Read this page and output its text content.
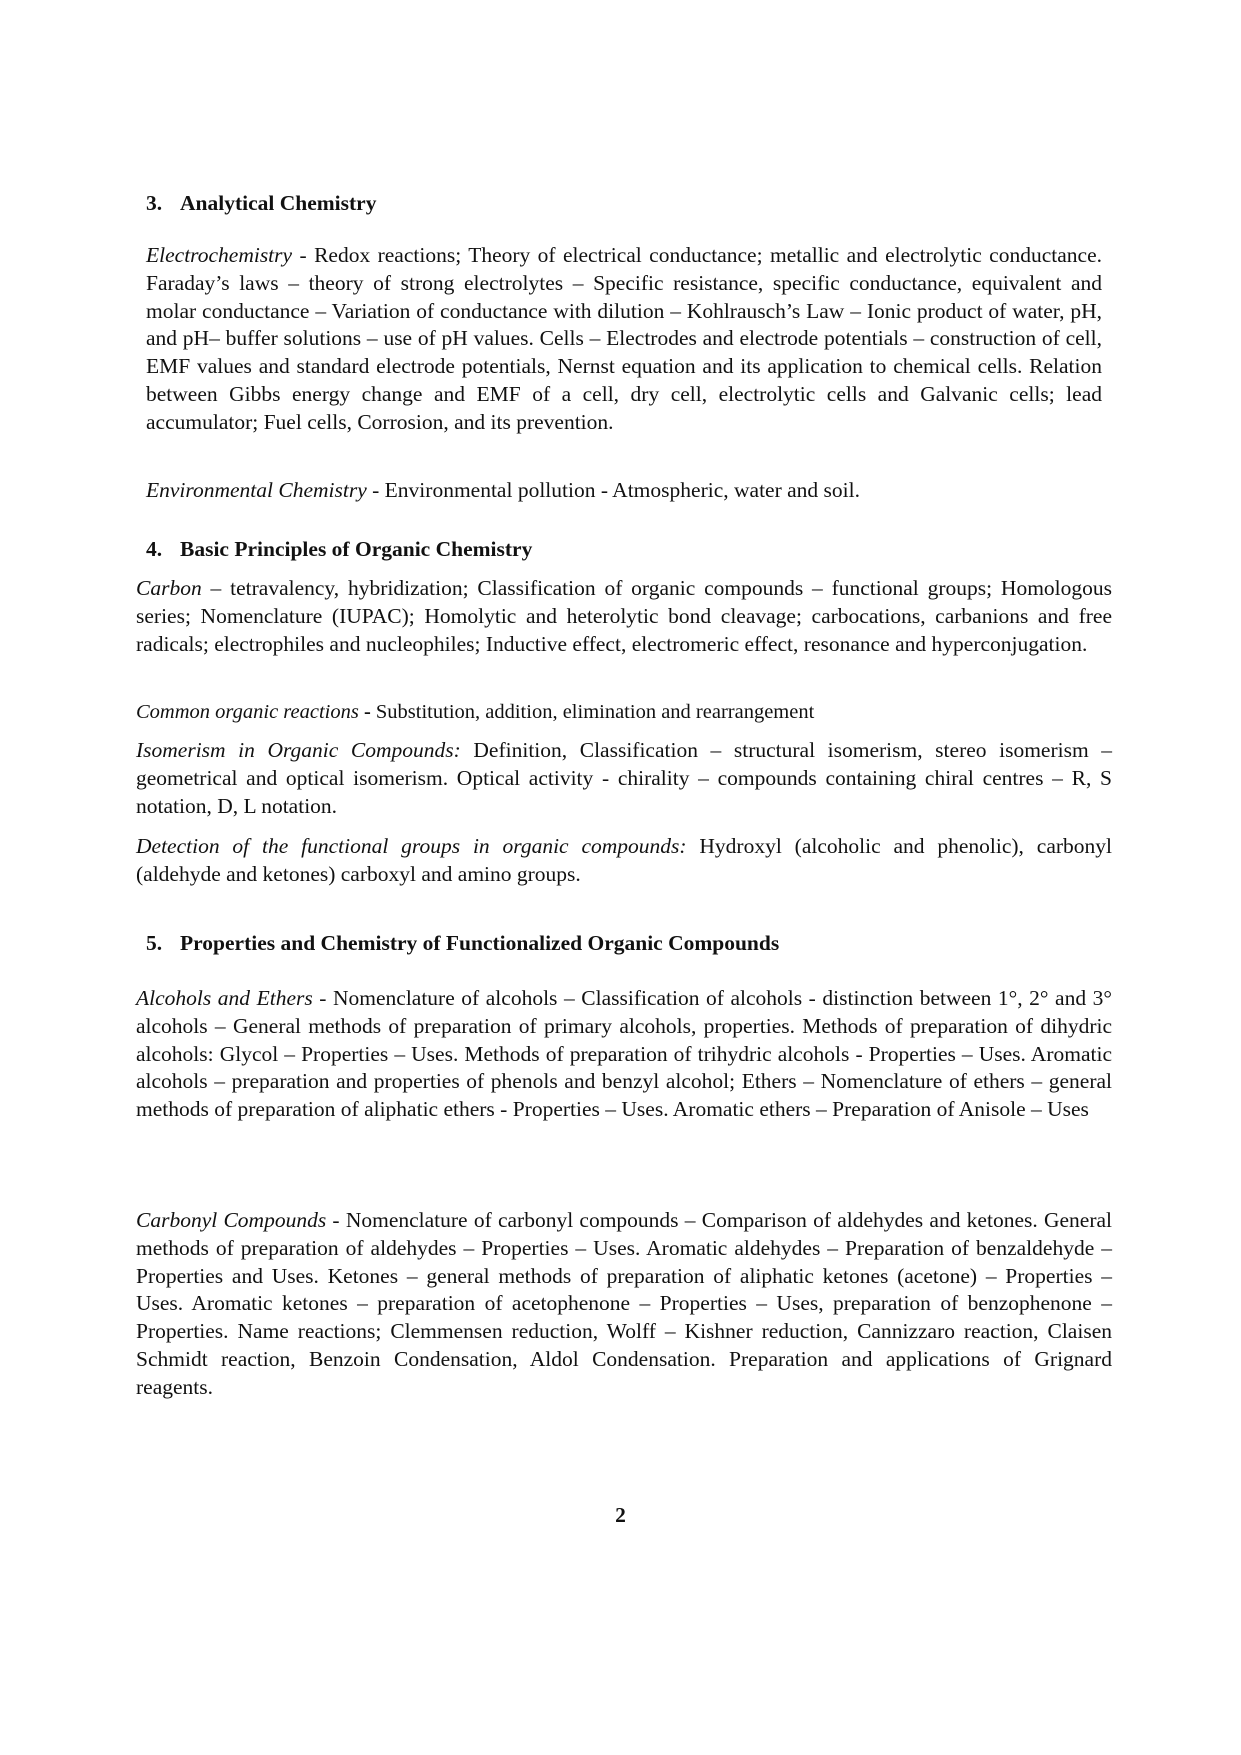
3. Analytical Chemistry

Electrochemistry - Redox reactions; Theory of electrical conductance; metallic and electrolytic conductance. Faraday’s laws – theory of strong electrolytes – Specific resistance, specific conductance, equivalent and molar conductance – Variation of conductance with dilution – Kohlrausch’s Law – Ionic product of water, pH, and pH– buffer solutions – use of pH values. Cells – Electrodes and electrode potentials – construction of cell, EMF values and standard electrode potentials, Nernst equation and its application to chemical cells. Relation between Gibbs energy change and EMF of a cell, dry cell, electrolytic cells and Galvanic cells; lead accumulator; Fuel cells, Corrosion, and its prevention.

Environmental Chemistry - Environmental pollution - Atmospheric, water and soil.

4. Basic Principles of Organic Chemistry

Carbon – tetravalency, hybridization; Classification of organic compounds – functional groups; Homologous series; Nomenclature (IUPAC); Homolytic and heterolytic bond cleavage; carbocations, carbanions and free radicals; electrophiles and nucleophiles; Inductive effect, electromeric effect, resonance and hyperconjugation.

Common organic reactions - Substitution, addition, elimination and rearrangement

Isomerism in Organic Compounds: Definition, Classification – structural isomerism, stereo isomerism – geometrical and optical isomerism. Optical activity - chirality – compounds containing chiral centres – R, S notation, D, L notation.

Detection of the functional groups in organic compounds: Hydroxyl (alcoholic and phenolic), carbonyl (aldehyde and ketones) carboxyl and amino groups.

5. Properties and Chemistry of Functionalized Organic Compounds

Alcohols and Ethers - Nomenclature of alcohols – Classification of alcohols - distinction between 1°, 2° and 3° alcohols – General methods of preparation of primary alcohols, properties. Methods of preparation of dihydric alcohols: Glycol – Properties – Uses. Methods of preparation of trihydric alcohols - Properties – Uses. Aromatic alcohols – preparation and properties of phenols and benzyl alcohol; Ethers – Nomenclature of ethers – general methods of preparation of aliphatic ethers - Properties – Uses. Aromatic ethers – Preparation of Anisole – Uses

Carbonyl Compounds - Nomenclature of carbonyl compounds – Comparison of aldehydes and ketones. General methods of preparation of aldehydes – Properties – Uses. Aromatic aldehydes – Preparation of benzaldehyde – Properties and Uses. Ketones – general methods of preparation of aliphatic ketones (acetone) – Properties – Uses. Aromatic ketones – preparation of acetophenone – Properties – Uses, preparation of benzophenone – Properties. Name reactions; Clemmensen reduction, Wolff – Kishner reduction, Cannizzaro reaction, Claisen Schmidt reaction, Benzoin Condensation, Aldol Condensation. Preparation and applications of Grignard reagents.

2
